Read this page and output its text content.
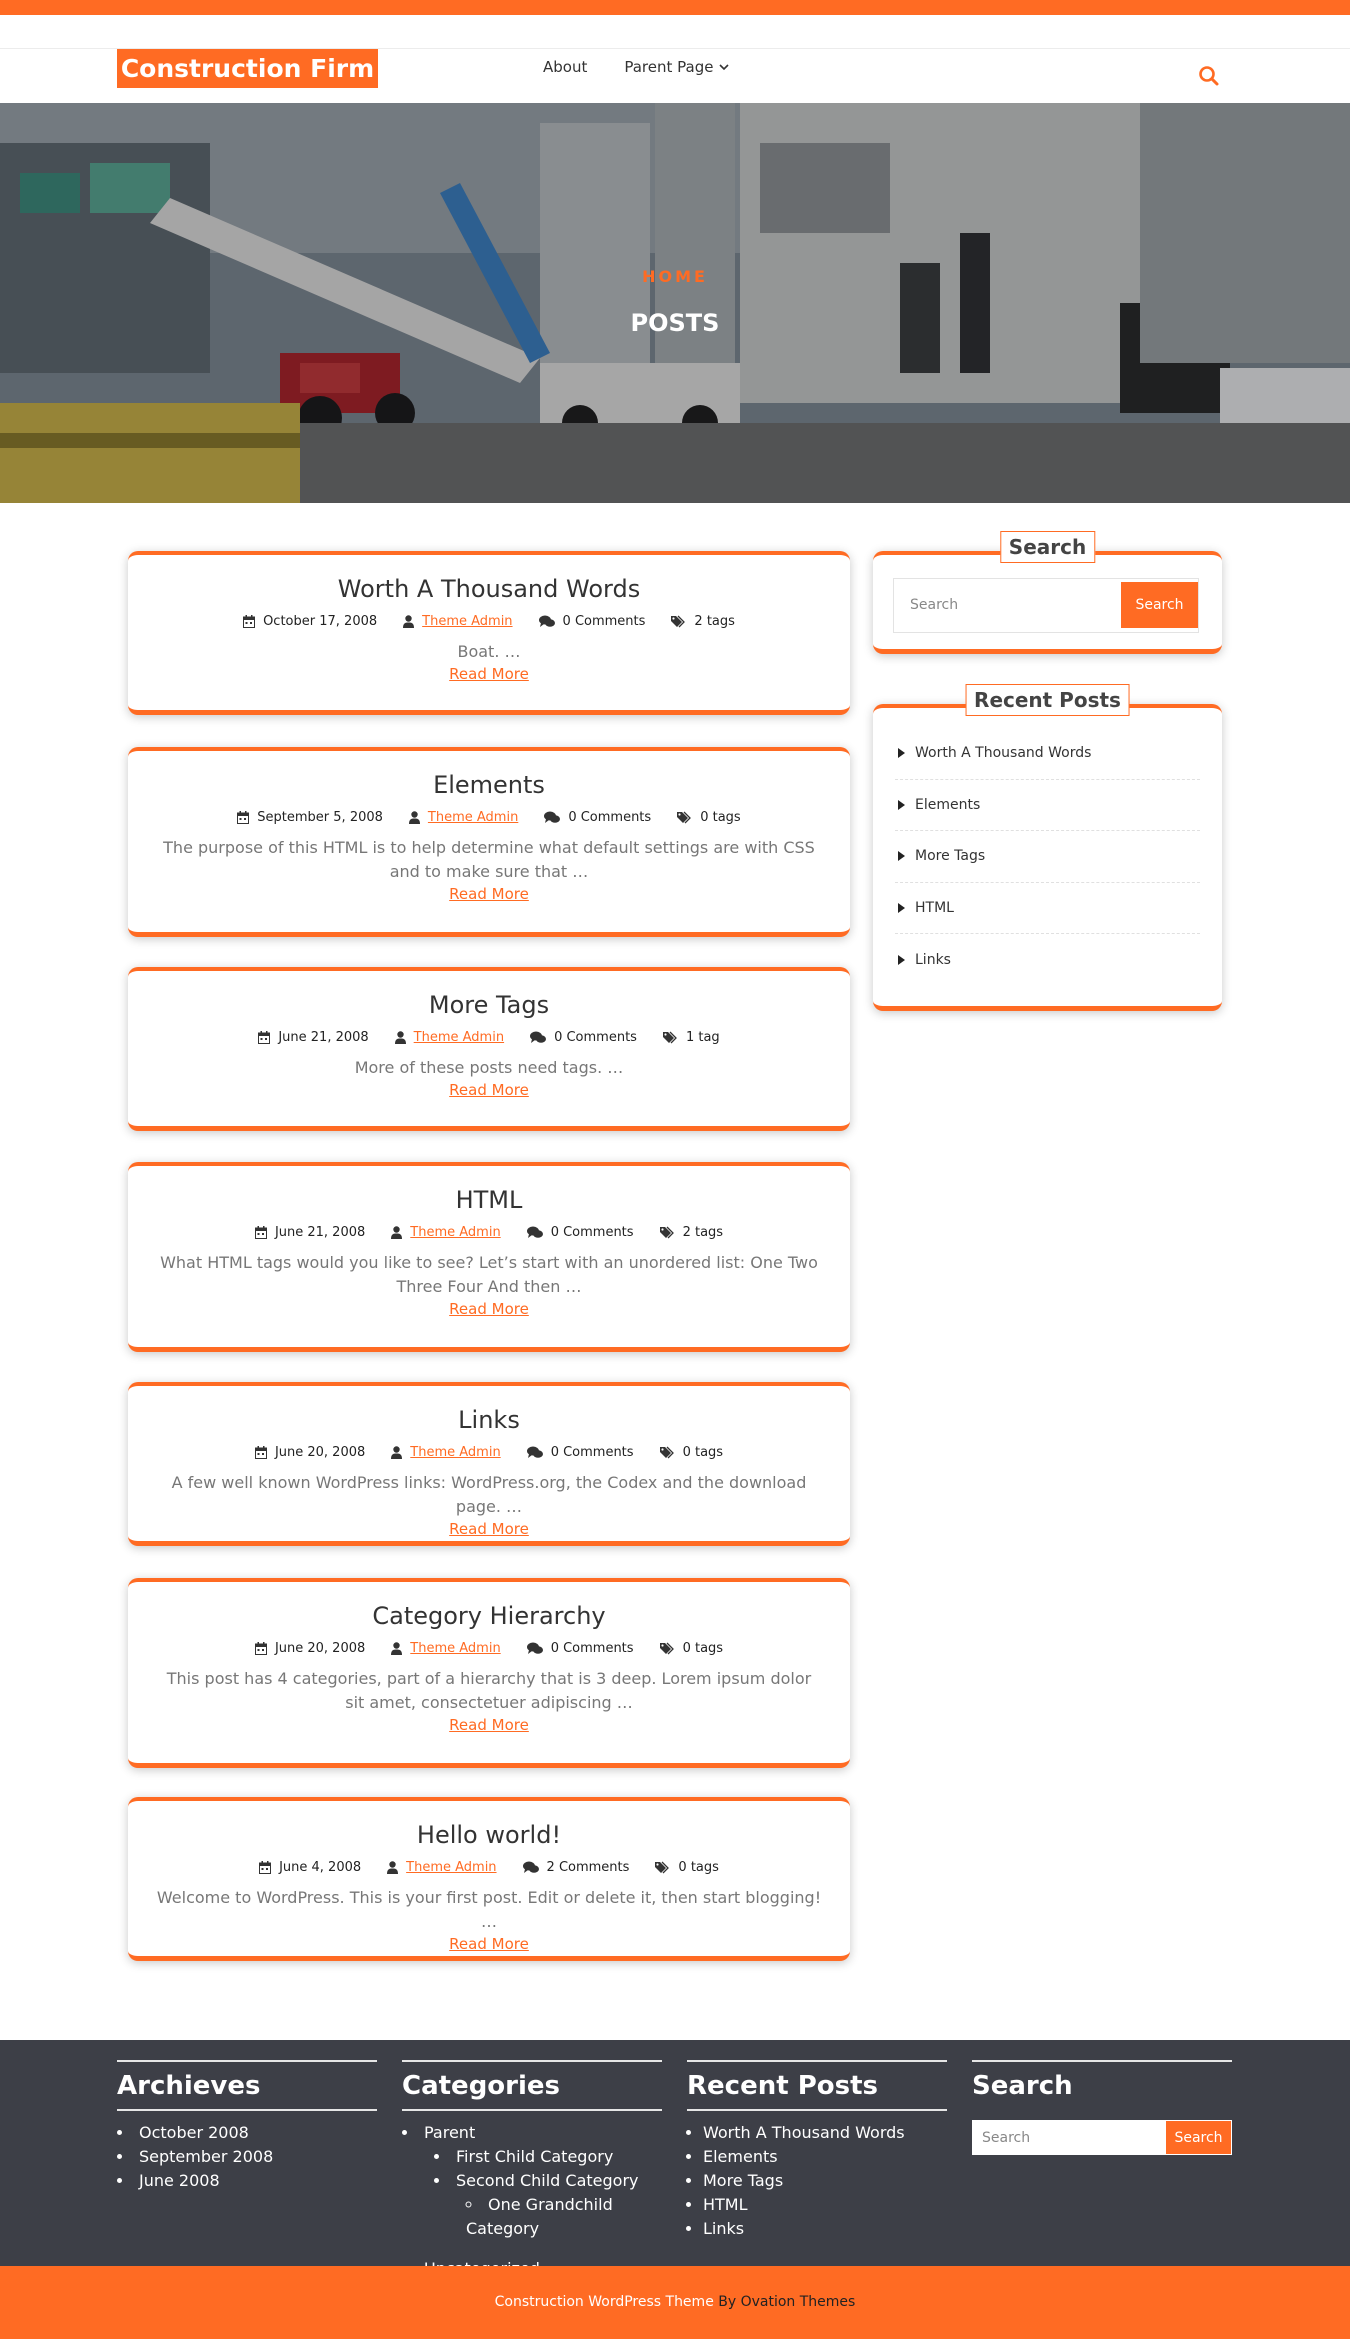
Construction Firm	About Parent Page
HOME
POSTS
Worth A Thousand Words
October 17, 2008	Theme Admin	0 Comments	2 tags

Boat. …

Read More
Elements
September 5, 2008	Theme Admin	0 Comments	0 tags

The purpose of this HTML is to help determine what default settings are with CSS and to make sure that …

Read More
More Tags
June 21, 2008	Theme Admin	0 Comments	1 tag

More of these posts need tags. …

Read More
HTML
June 21, 2008	Theme Admin	0 Comments	2 tags

What HTML tags would you like to see? Let’s start with an unordered list: One Two Three Four And then …

Read More
Links
June 20, 2008	Theme Admin	0 Comments	0 tags

A few well known WordPress links: WordPress.org, the Codex and the download page. …

Read More
Category Hierarchy
June 20, 2008	Theme Admin	0 Comments	0 tags

This post has 4 categories, part of a hierarchy that is 3 deep. Lorem ipsum dolor sit amet, consectetuer adipiscing …

Read More
Hello world!
June 4, 2008	Theme Admin	2 Comments	0 tags

Welcome to WordPress. This is your first post. Edit or delete it, then start blogging! …

Read More
Search
Search
Search
Recent Posts
Worth A Thousand Words
Elements
More Tags
HTML
Links
Archieves
• October 2008
• September 2008
• June 2008
Categories
• Parent
• First Child Category
• Second Child Category
◦ One Grandchild Category
•
Recent Posts
• Worth A Thousand Words
• Elements
• More Tags
• HTML
• Links
Search
Search
Search
Construction WordPress Theme By Ovation Themes
